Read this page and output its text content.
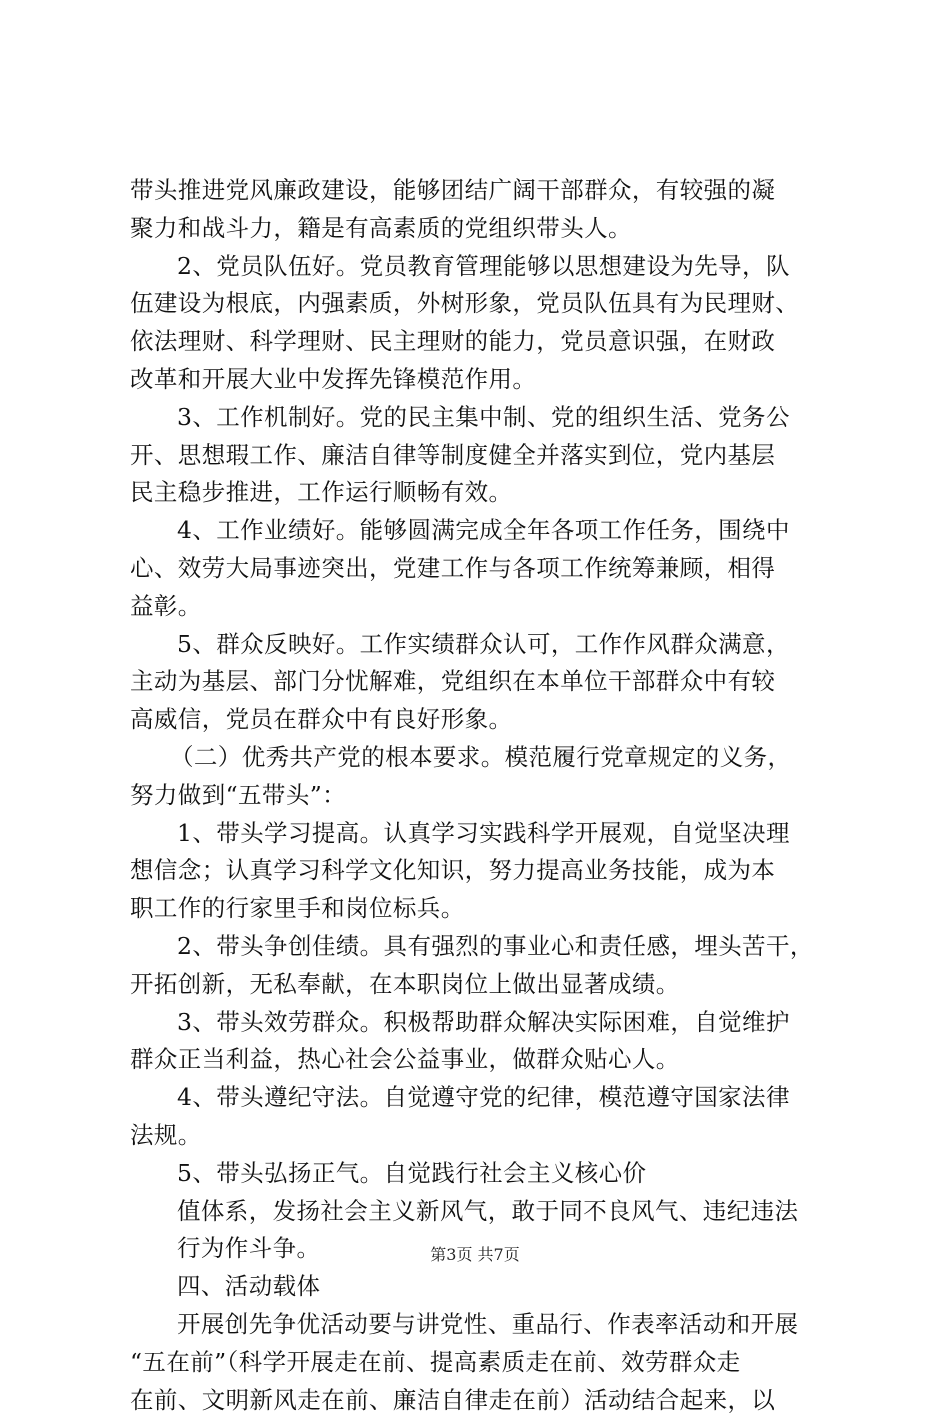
带头推进党风廉政建设，能够团结广阔干部群众，有较强的凝
聚力和战斗力，籍是有高素质的党组织带头人。
2、党员队伍好。党员教育管理能够以思想建设为先导，队
伍建设为根底，内强素质，外树形象，党员队伍具有为民理财、
依法理财、科学理财、民主理财的能力，党员意识强，在财政
改革和开展大业中发挥先锋模范作用。
3、工作机制好。党的民主集中制、党的组织生活、党务公
开、思想瑕工作、廉洁自律等制度健全并落实到位，党内基层
民主稳步推进，工作运行顺畅有效。
4、工作业绩好。能够圆满完成全年各项工作任务，围绕中
心、效劳大局事迹突出，党建工作与各项工作统筹兼顾，相得
益彰。
5、群众反映好。工作实绩群众认可，工作作风群众满意，
主动为基层、部门分忧解难，党组织在本单位干部群众中有较
高威信，党员在群众中有良好形象。
（二）优秀共产党的根本要求。模范履行党章规定的义务，
努力做到“五带头”：
1、带头学习提高。认真学习实践科学开展观，自觉坚决理
想信念；认真学习科学文化知识，努力提高业务技能，成为本
职工作的行家里手和岗位标兵。
2、带头争创佳绩。具有强烈的事业心和责任感，埋头苦干，
开拓创新，无私奉献，在本职岗位上做出显著成绩。
3、带头效劳群众。积极帮助群众解决实际困难，自觉维护
群众正当利益，热心社会公益事业，做群众贴心人。
4、带头遵纪守法。自觉遵守党的纪律，模范遵守国家法律
法规。
5、带头弘扬正气。自觉践行社会主义核心价
值体系，发扬社会主义新风气，敢于同不良风气、违纪违法
行为作斗争。
四、活动载体
开展创先争优活动要与讲党性、重品行、作表率活动和开展
“五在前”（科学开展走在前、提高素质走在前、效劳群众走
在前、文明新风走在前、廉洁自律走在前）活动结合起来，以
第3页 共7页
